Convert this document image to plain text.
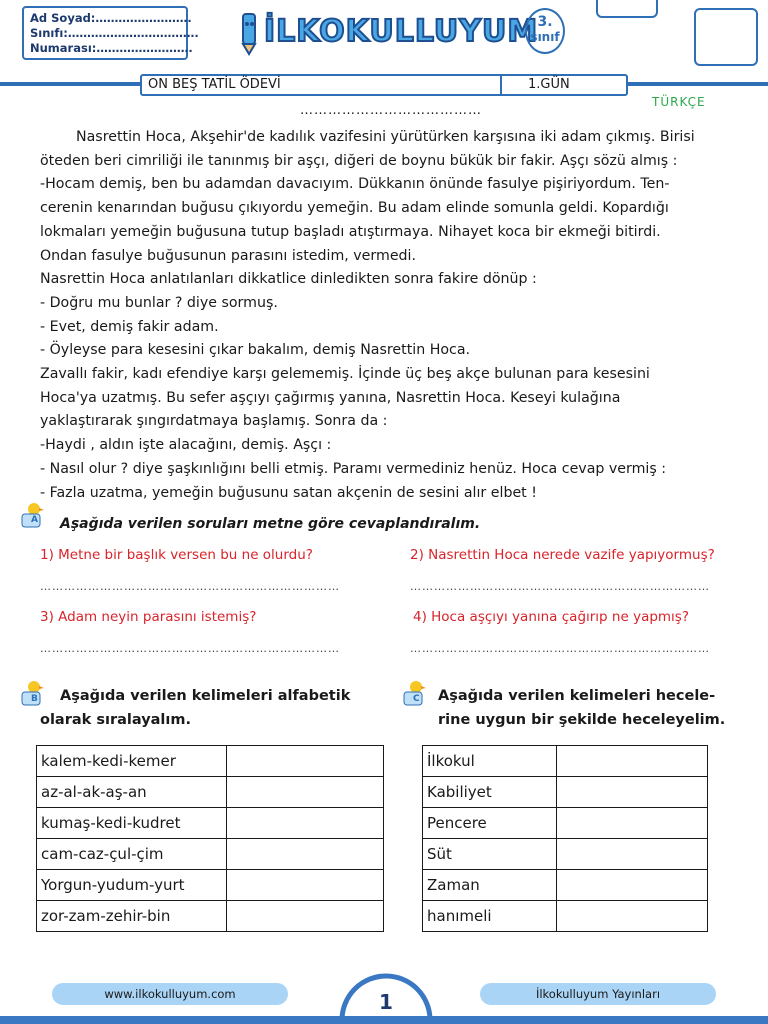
Ad Soyad:…………………….
Sınıfı:…………………………….
Numarası:……………………. İLKOKULLUYUM 3.
sınıf
ON BEŞ TATİL ÖDEVİ	1.GÜN
TÜRKÇE
…………………………………

Nasrettin Hoca, Akşehir'de kadılık vazifesini yürütürken karşısına iki adam çıkmış. Birisi

öteden beri cimriliği ile tanınmış bir aşçı, diğeri de boynu bükük bir fakir. Aşçı sözü almış :

-Hocam demiş, ben bu adamdan davacıyım. Dükkanın önünde fasulye pişiriyordum. Ten-

cerenin kenarından buğusu çıkıyordu yemeğin. Bu adam elinde somunla geldi. Kopardığı

lokmaları yemeğin buğusuna tutup başladı atıştırmaya. Nihayet koca bir ekmeği bitirdi.

Ondan fasulye buğusunun parasını istedim, vermedi.

Nasrettin Hoca anlatılanları dikkatlice dinledikten sonra fakire dönüp :

- Doğru mu bunlar ? diye sormuş.

- Evet, demiş fakir adam.

- Öyleyse para kesesini çıkar bakalım, demiş Nasrettin Hoca.

Zavallı fakir, kadı efendiye karşı gelememiş. İçinde üç beş akçe bulunan para kesesini

Hoca'ya uzatmış. Bu sefer aşçıyı çağırmış yanına, Nasrettin Hoca. Keseyi kulağına

yaklaştırarak şıngırdatmaya başlamış. Sonra da :

-Haydi , aldın işte alacağını, demiş. Aşçı :

- Nasıl olur ? diye şaşkınlığını belli etmiş. Paramı vermediniz henüz. Hoca cevap vermiş :

- Fazla uzatma, yemeğin buğusunu satan akçenin de sesini alır elbet !

A Aşağıda verilen soruları metne göre cevaplandıralım.
1) Metne bir başlık versen bu ne olurdu?	2) Nasrettin Hoca nerede vazife yapıyormuş?
…………………………………………………………………	…………………………………………………………………
3) Adam neyin parasını istemiş?	4) Hoca aşçıyı yanına çağırıp ne yapmış?
…………………………………………………………………	…………………………………………………………………
B Aşağıda verilen kelimeleri alfabetik
olarak sıralayalım.
kalem-kedi-kemer	
az-al-ak-aş-an	
kumaş-kedi-kudret	
cam-caz-çul-çim	
Yorgun-yudum-yurt	
zor-zam-zehir-bin	
C Aşağıda verilen kelimeleri hecele-
rine uygun bir şekilde heceleyelim.
İlkokul	
Kabiliyet	
Pencere	
Süt	
Zaman	
hanımeli	
www.ilkokulluyum.com	İlkokulluyum Yayınları
1
